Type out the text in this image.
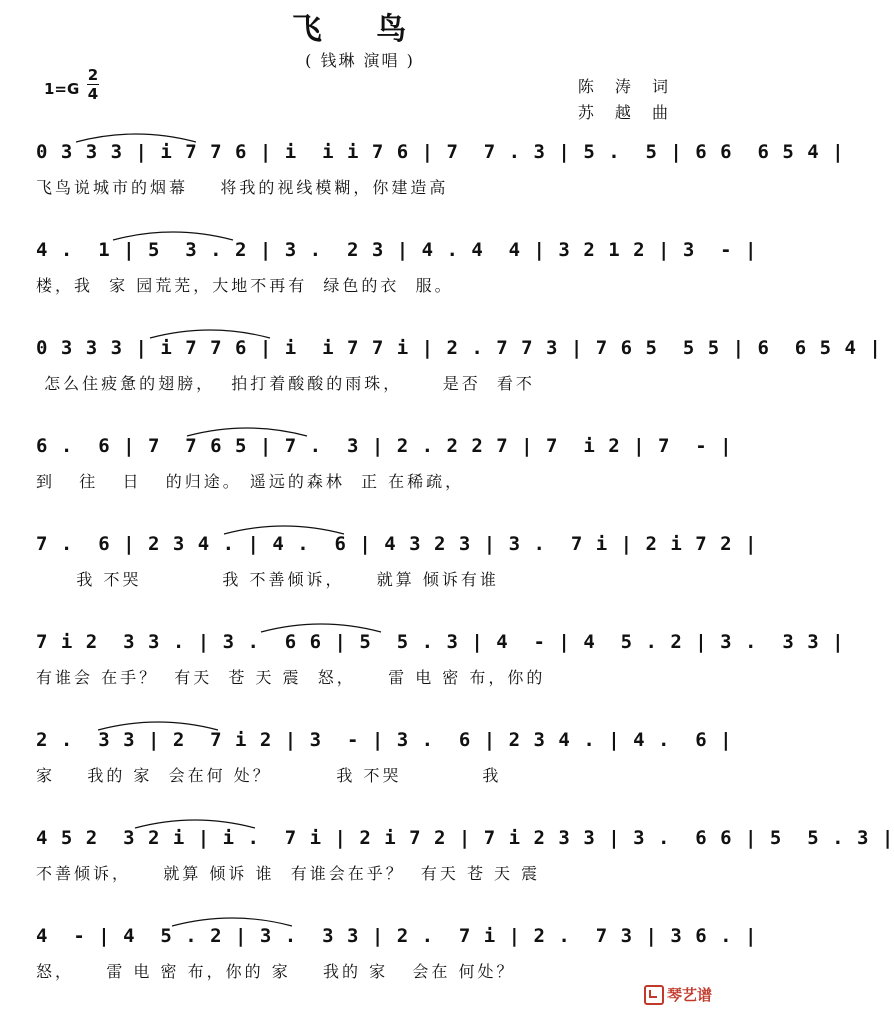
飞 鸟
( 钱琳 演唱 )
1=G
2
4	陈 涛 词
苏 越 曲
0 3 3 3 | i 7 7 6 | i  i i 7 6 | 7  7 . 3 | 5 .  5 | 6 6  6 5 4 |
飞鸟说城市的烟幕    将我的视线模糊，你建造高
4 .  1 | 5  3 . 2 | 3 .  2 3 | 4 . 4  4 | 3 2 1 2 | 3  - |
楼，我  家 园荒芜，大地不再有  绿色的衣  服。
0 3 3 3 | i 7 7 6 | i  i 7 7 i | 2 . 7 7 3 | 7 6 5  5 5 | 6  6 5 4 |
怎么住疲惫的翅膀，  拍打着酸酸的雨珠，     是否  看不
6 .  6 | 7  7 6 5 | 7 .  3 | 2 . 2 2 7 | 7  i 2 | 7  - |
到   往   日   的归途。 遥远的森林  正 在稀疏，
7 .  6 | 2 3 4 . | 4 .  6 | 4 3 2 3 | 3 .  7 i | 2 i 7 2 |
我 不哭          我 不善倾诉，    就算 倾诉有谁
7 i 2  3 3 . | 3 .  6 6 | 5  5 . 3 | 4  - | 4  5 . 2 | 3 .  3 3 |
有谁会 在手？  有天  苍 天 震  怒，    雷 电 密 布，你的
2 .  3 3 | 2  7 i 2 | 3  - | 3 .  6 | 2 3 4 . | 4 .  6 |
家    我的 家  会在何 处？        我 不哭          我
4 5 2  3 2 i | i .  7 i | 2 i 7 2 | 7 i 2 3 3 | 3 .  6 6 | 5  5 . 3 |
不善倾诉，    就算 倾诉 谁  有谁会在乎？  有天 苍 天 震
4  - | 4  5 . 2 | 3 .  3 3 | 2 .  7 i | 2 .  7 3 | 3 6 . |
怒，    雷 电 密 布，你的 家    我的 家   会在 何处？
琴艺谱
